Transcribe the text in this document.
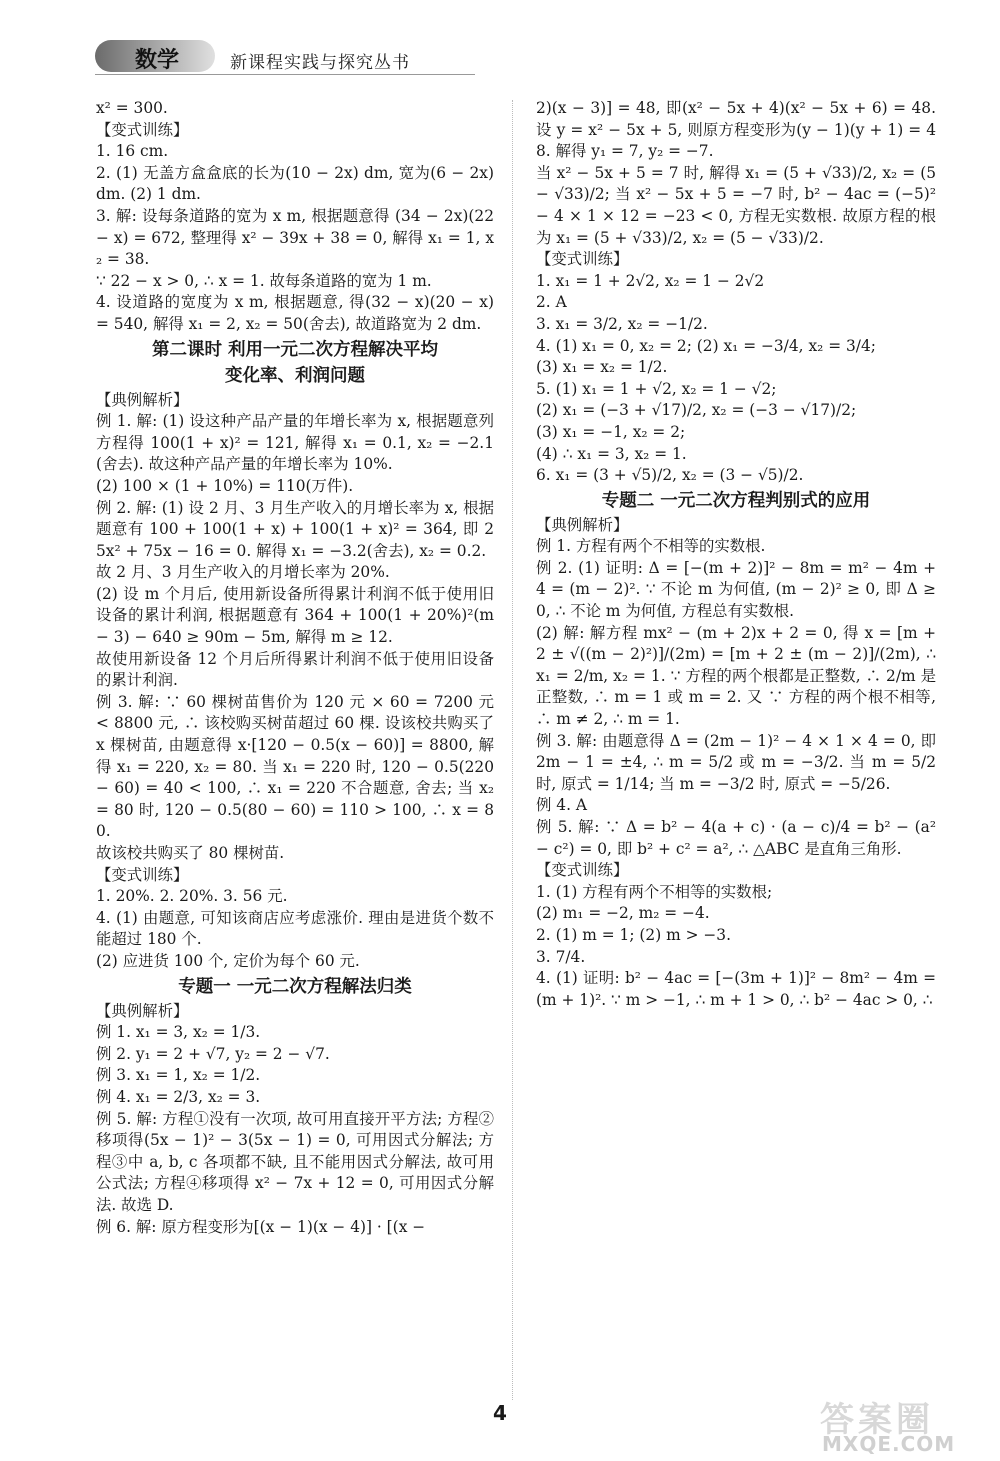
数学	新课程实践与探究丛书

x² = 300.

【变式训练】

1. 16 cm.

2. (1) 无盖方盒盒底的长为(10 − 2x) dm, 宽为(6 − 2x) dm. (2) 1 dm.

3. 解: 设每条道路的宽为 x m, 根据题意得 (34 − 2x)(22 − x) = 672, 整理得 x² − 39x + 38 = 0, 解得 x₁ = 1, x₂ = 38.

∵ 22 − x > 0, ∴ x = 1. 故每条道路的宽为 1 m.

4. 设道路的宽度为 x m, 根据题意, 得(32 − x)(20 − x) = 540, 解得 x₁ = 2, x₂ = 50(舍去), 故道路宽为 2 dm.

第二课时 利用一元二次方程解决平均

变化率、利润问题

【典例解析】

例 1. 解: (1) 设这种产品产量的年增长率为 x, 根据题意列方程得 100(1 + x)² = 121, 解得 x₁ = 0.1, x₂ = −2.1(舍去). 故这种产品产量的年增长率为 10%.

(2) 100 × (1 + 10%) = 110(万件).

例 2. 解: (1) 设 2 月、3 月生产收入的月增长率为 x, 根据题意有 100 + 100(1 + x) + 100(1 + x)² = 364, 即 25x² + 75x − 16 = 0. 解得 x₁ = −3.2(舍去), x₂ = 0.2.

故 2 月、3 月生产收入的月增长率为 20%.

(2) 设 m 个月后, 使用新设备所得累计利润不低于使用旧设备的累计利润, 根据题意有 364 + 100(1 + 20%)²(m − 3) − 640 ≥ 90m − 5m, 解得 m ≥ 12.

故使用新设备 12 个月后所得累计利润不低于使用旧设备的累计利润.

例 3. 解: ∵ 60 棵树苗售价为 120 元 × 60 = 7200 元 < 8800 元, ∴ 该校购买树苗超过 60 棵. 设该校共购买了 x 棵树苗, 由题意得 x·[120 − 0.5(x − 60)] = 8800, 解得 x₁ = 220, x₂ = 80. 当 x₁ = 220 时, 120 − 0.5(220 − 60) = 40 < 100, ∴ x₁ = 220 不合题意, 舍去; 当 x₂ = 80 时, 120 − 0.5(80 − 60) = 110 > 100, ∴ x = 80.

故该校共购买了 80 棵树苗.

【变式训练】

1. 20%. 2. 20%. 3. 56 元.

4. (1) 由题意, 可知该商店应考虑涨价. 理由是进货个数不能超过 180 个.

(2) 应进货 100 个, 定价为每个 60 元.

专题一 一元二次方程解法归类

【典例解析】

例 1. x₁ = 3, x₂ = 1/3.

例 2. y₁ = 2 + √7, y₂ = 2 − √7.

例 3. x₁ = 1, x₂ = 1/2.

例 4. x₁ = 2/3, x₂ = 3.

例 5. 解: 方程①没有一次项, 故可用直接开平方法; 方程②移项得(5x − 1)² − 3(5x − 1) = 0, 可用因式分解法; 方程③中 a, b, c 各项都不缺, 且不能用因式分解法, 故可用公式法; 方程④移项得 x² − 7x + 12 = 0, 可用因式分解法. 故选 D.

例 6. 解: 原方程变形为[(x − 1)(x − 4)] · [(x −

2)(x − 3)] = 48, 即(x² − 5x + 4)(x² − 5x + 6) = 48. 设 y = x² − 5x + 5, 则原方程变形为(y − 1)(y + 1) = 48. 解得 y₁ = 7, y₂ = −7.

当 x² − 5x + 5 = 7 时, 解得 x₁ = (5 + √33)/2, x₂ = (5 − √33)/2; 当 x² − 5x + 5 = −7 时, b² − 4ac = (−5)² − 4 × 1 × 12 = −23 < 0, 方程无实数根. 故原方程的根为 x₁ = (5 + √33)/2, x₂ = (5 − √33)/2.

【变式训练】

1. x₁ = 1 + 2√2, x₂ = 1 − 2√2

2. A

3. x₁ = 3/2, x₂ = −1/2.

4. (1) x₁ = 0, x₂ = 2; (2) x₁ = −3/4, x₂ = 3/4;

(3) x₁ = x₂ = 1/2.

5. (1) x₁ = 1 + √2, x₂ = 1 − √2;

(2) x₁ = (−3 + √17)/2, x₂ = (−3 − √17)/2;

(3) x₁ = −1, x₂ = 2;

(4) ∴ x₁ = 3, x₂ = 1.

6. x₁ = (3 + √5)/2, x₂ = (3 − √5)/2.

专题二 一元二次方程判别式的应用

【典例解析】

例 1. 方程有两个不相等的实数根.

例 2. (1) 证明: Δ = [−(m + 2)]² − 8m = m² − 4m + 4 = (m − 2)². ∵ 不论 m 为何值, (m − 2)² ≥ 0, 即 Δ ≥ 0, ∴ 不论 m 为何值, 方程总有实数根.

(2) 解: 解方程 mx² − (m + 2)x + 2 = 0, 得 x = [m + 2 ± √((m − 2)²)]/(2m) = [m + 2 ± (m − 2)]/(2m), ∴ x₁ = 2/m, x₂ = 1. ∵ 方程的两个根都是正整数, ∴ 2/m 是正整数, ∴ m = 1 或 m = 2. 又 ∵ 方程的两个根不相等, ∴ m ≠ 2, ∴ m = 1.

例 3. 解: 由题意得 Δ = (2m − 1)² − 4 × 1 × 4 = 0, 即 2m − 1 = ±4, ∴ m = 5/2 或 m = −3/2. 当 m = 5/2 时, 原式 = 1/14; 当 m = −3/2 时, 原式 = −5/26.

例 4. A

例 5. 解: ∵ Δ = b² − 4(a + c) · (a − c)/4 = b² − (a² − c²) = 0, 即 b² + c² = a², ∴ △ABC 是直角三角形.

【变式训练】

1. (1) 方程有两个不相等的实数根;

(2) m₁ = −2, m₂ = −4.

2. (1) m = 1; (2) m > −3.

3. 7/4.

4. (1) 证明: b² − 4ac = [−(3m + 1)]² − 8m² − 4m = (m + 1)². ∵ m > −1, ∴ m + 1 > 0, ∴ b² − 4ac > 0, ∴

4	答案圈
MXQE.COM
